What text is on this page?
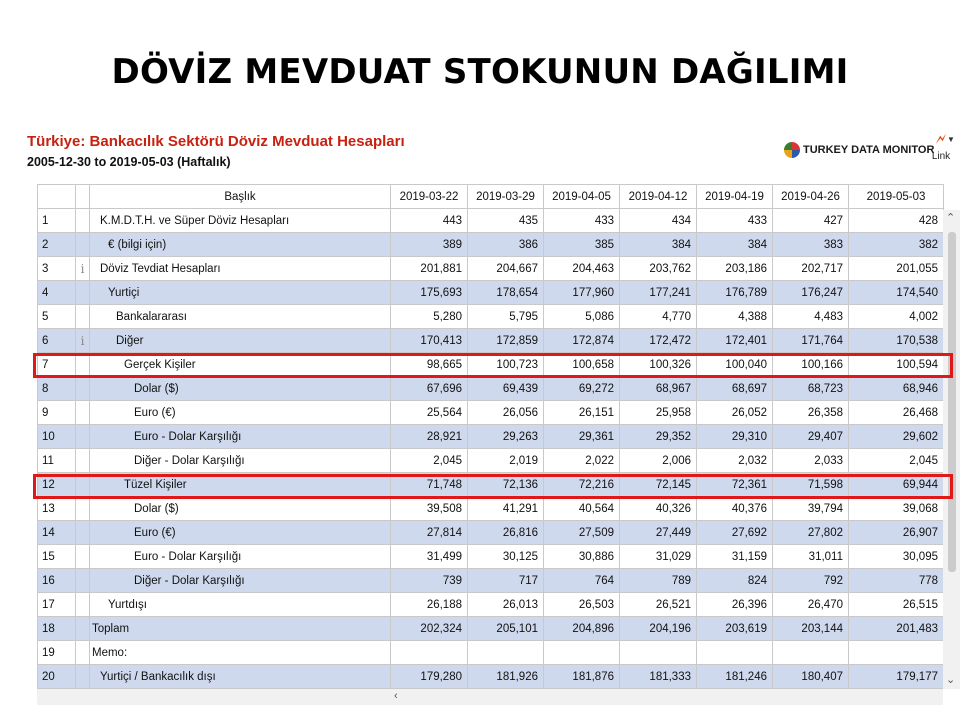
DÖVİZ MEVDUAT STOKUNUN DAĞILIMI
Türkiye: Bankacılık Sektörü Döviz Mevduat Hesapları
2005-12-30 to 2019-05-03 (Haftalık)
TURKEY DATA MONITOR
🗲 ▼
Link
		Başlık	2019-03-22	2019-03-29	2019-04-05	2019-04-12	2019-04-19	2019-04-26	2019-05-03
1		K.M.D.T.H. ve Süper Döviz Hesapları	443	435	433	434	433	427	428
2		€ (bilgi için)	389	386	385	384	384	383	382
3	i	Döviz Tevdiat Hesapları	201,881	204,667	204,463	203,762	203,186	202,717	201,055
4		Yurtiçi	175,693	178,654	177,960	177,241	176,789	176,247	174,540
5		Bankalararası	5,280	5,795	5,086	4,770	4,388	4,483	4,002
6	i	Diğer	170,413	172,859	172,874	172,472	172,401	171,764	170,538
7		Gerçek Kişiler	98,665	100,723	100,658	100,326	100,040	100,166	100,594
8		Dolar ($)	67,696	69,439	69,272	68,967	68,697	68,723	68,946
9		Euro (€)	25,564	26,056	26,151	25,958	26,052	26,358	26,468
10		Euro - Dolar Karşılığı	28,921	29,263	29,361	29,352	29,310	29,407	29,602
11		Diğer - Dolar Karşılığı	2,045	2,019	2,022	2,006	2,032	2,033	2,045
12		Tüzel Kişiler	71,748	72,136	72,216	72,145	72,361	71,598	69,944
13		Dolar ($)	39,508	41,291	40,564	40,326	40,376	39,794	39,068
14		Euro (€)	27,814	26,816	27,509	27,449	27,692	27,802	26,907
15		Euro - Dolar Karşılığı	31,499	30,125	30,886	31,029	31,159	31,011	30,095
16		Diğer - Dolar Karşılığı	739	717	764	789	824	792	778
17		Yurtdışı	26,188	26,013	26,503	26,521	26,396	26,470	26,515
18		Toplam	202,324	205,101	204,896	204,196	203,619	203,144	201,483
19		Memo:							
20		Yurtiçi / Bankacılık dışı	179,280	181,926	181,876	181,333	181,246	180,407	179,177
⌃
⌄
‹
